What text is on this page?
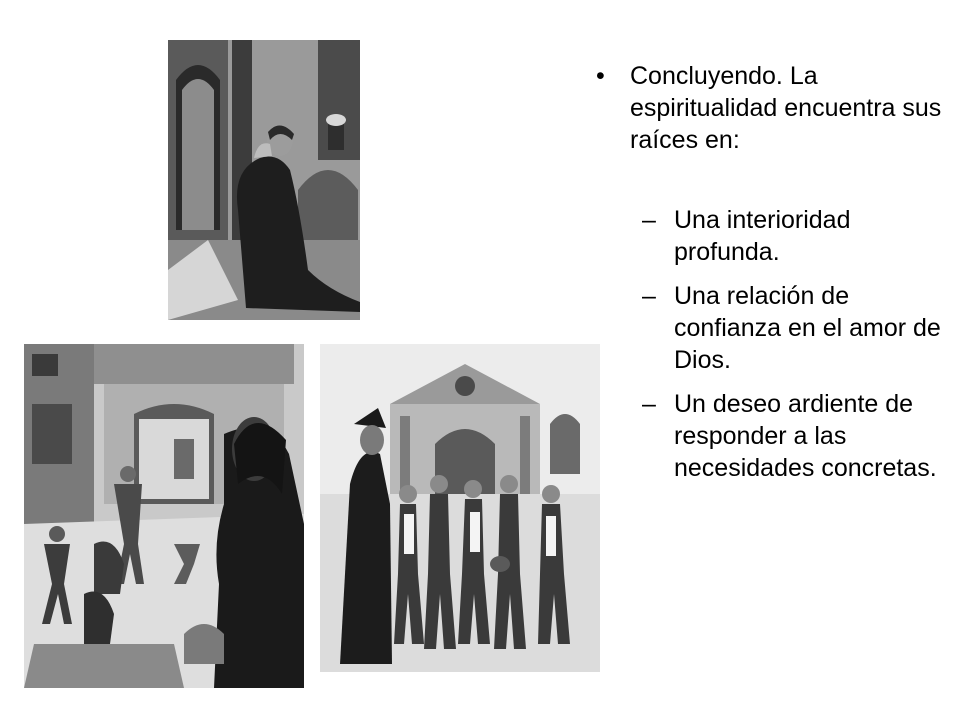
• Concluyendo. La espiritualidad encuentra sus raíces en:
– Una interioridad profunda.
– Una relación de confianza en el amor de Dios.
– Un deseo ardiente de responder a las necesidades concretas.
